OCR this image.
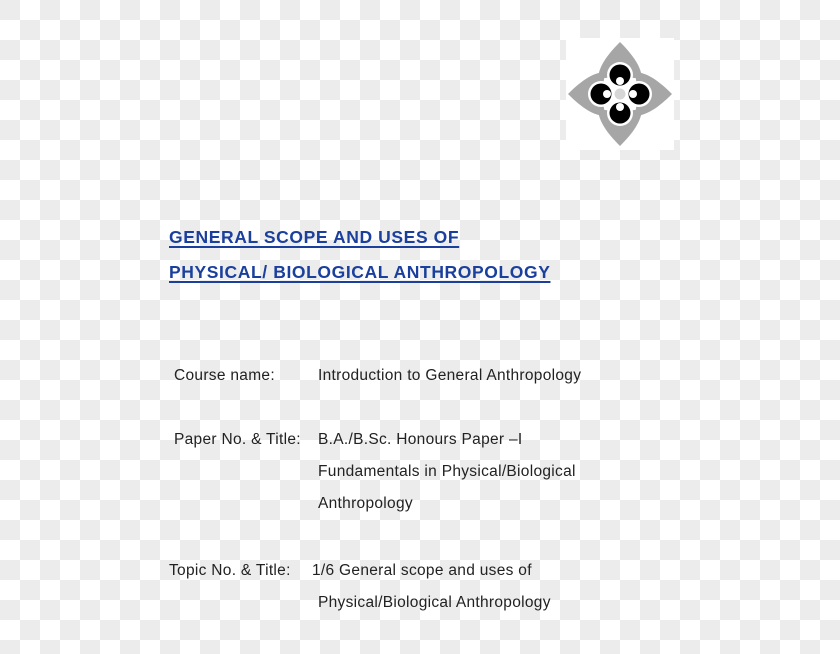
GENERAL SCOPE AND USES OF
PHYSICAL/ BIOLOGICAL ANTHROPOLOGY
Course name:	Introduction to General Anthropology
Paper No. & Title: B.A./B.Sc. Honours Paper –I
Fundamentals in Physical/Biological
Anthropology
Topic No. & Title: 1/6 General scope and uses of
Physical/Biological Anthropology
